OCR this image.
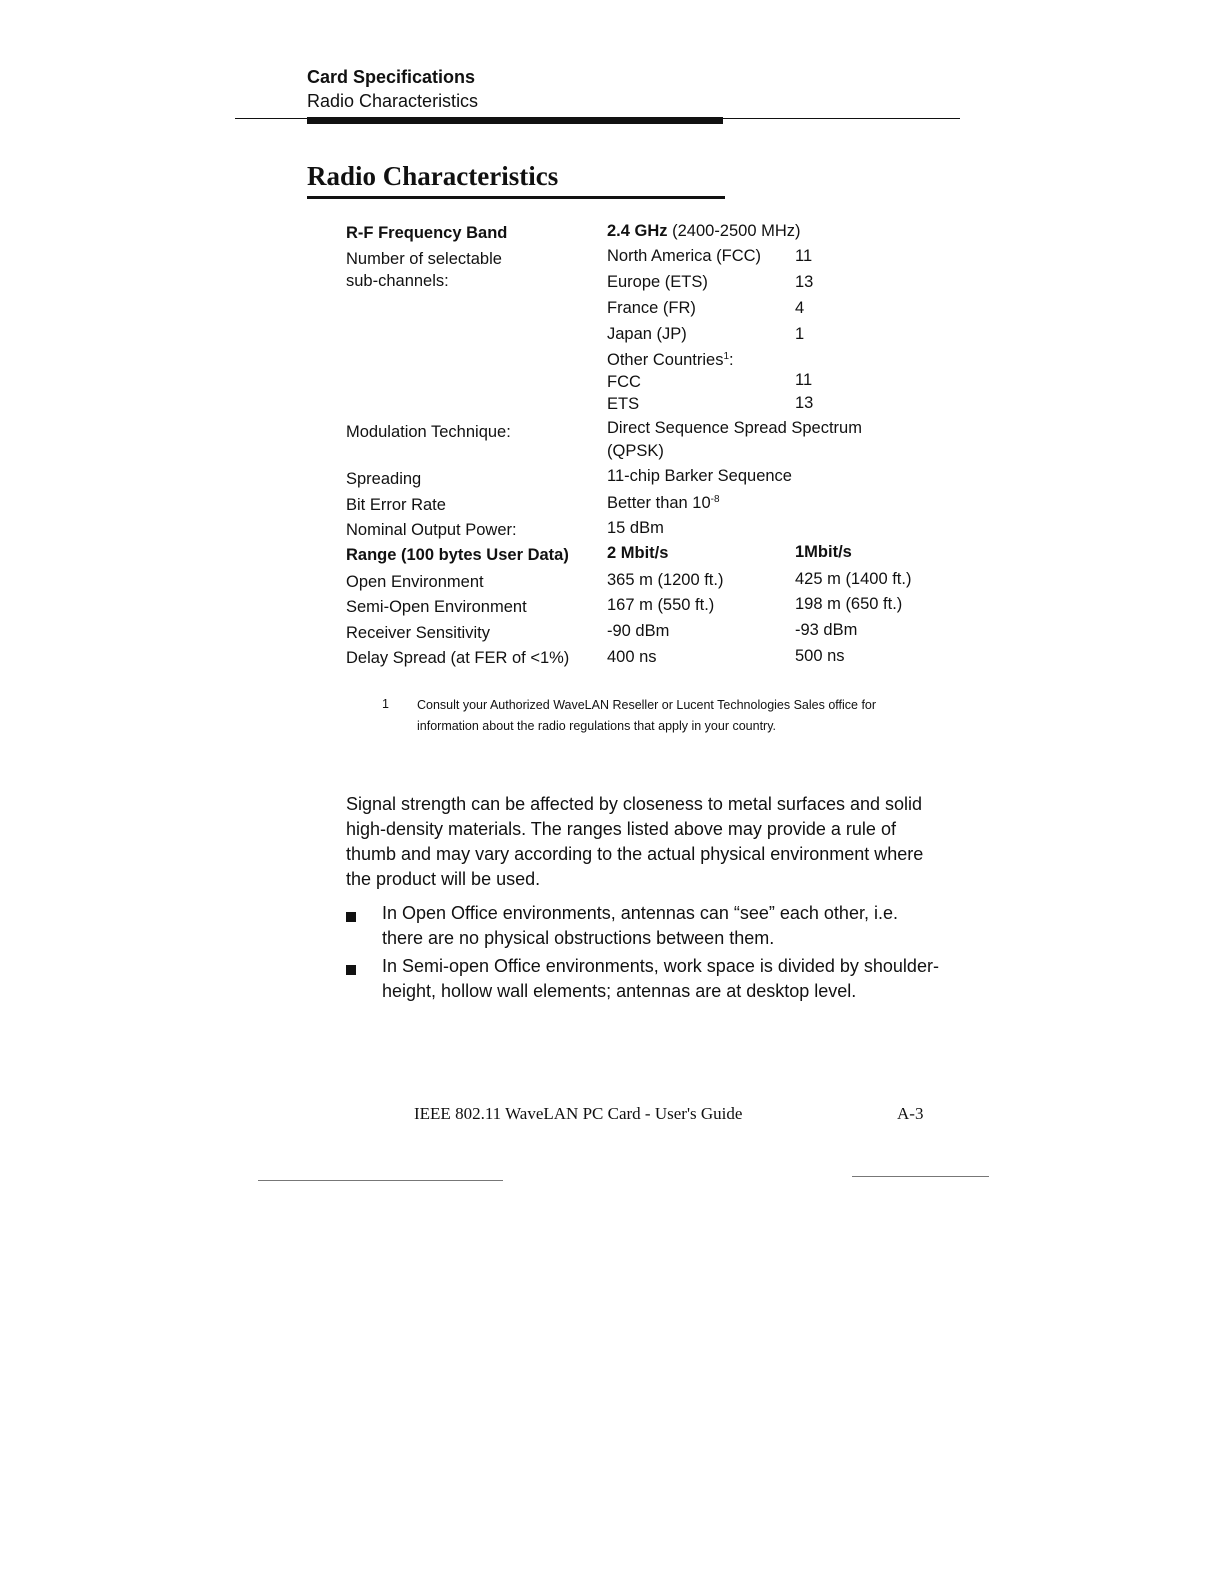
Card Specifications
Radio Characteristics
Radio Characteristics
R-F Frequency Band	2.4 GHz (2400-2500 MHz)
Number of selectable
sub-channels:
North America (FCC) 11
Europe (ETS)	13
France (FR)	4
Japan (JP)	1
Other Countries$^1$:
FCC	11
ETS	13
Modulation Technique:	Direct Sequence Spread Spectrum
(QPSK)
Spreading	11-chip Barker Sequence
Bit Error Rate	Better than $10^{-8}$
Nominal Output Power:	15 dBm
Range (100 bytes User Data) 2 Mbit/s	1Mbit/s
Open Environment	365 m (1200 ft.)	425 m (1400 ft.)
Semi-Open Environment	167 m (550 ft.)	198 m (650 ft.)
Receiver Sensitivity	-90 dBm	-93 dBm
Delay Spread (at FER of <1%) 400 ns	500 ns
1 Consult your Authorized WaveLAN Reseller or Lucent Technologies Sales office for information about the radio regulations that apply in your country.
Signal strength can be affected by closeness to metal surfaces and solid high-density materials. The ranges listed above may provide a rule of thumb and may vary according to the actual physical environment where the product will be used.
In Open Office environments, antennas can “see” each other, i.e. there are no physical obstructions between them.
In Semi-open Office environments, work space is divided by shoulder-height, hollow wall elements; antennas are at desktop level.
IEEE 802.11 WaveLAN PC Card - User's Guide	A-3
